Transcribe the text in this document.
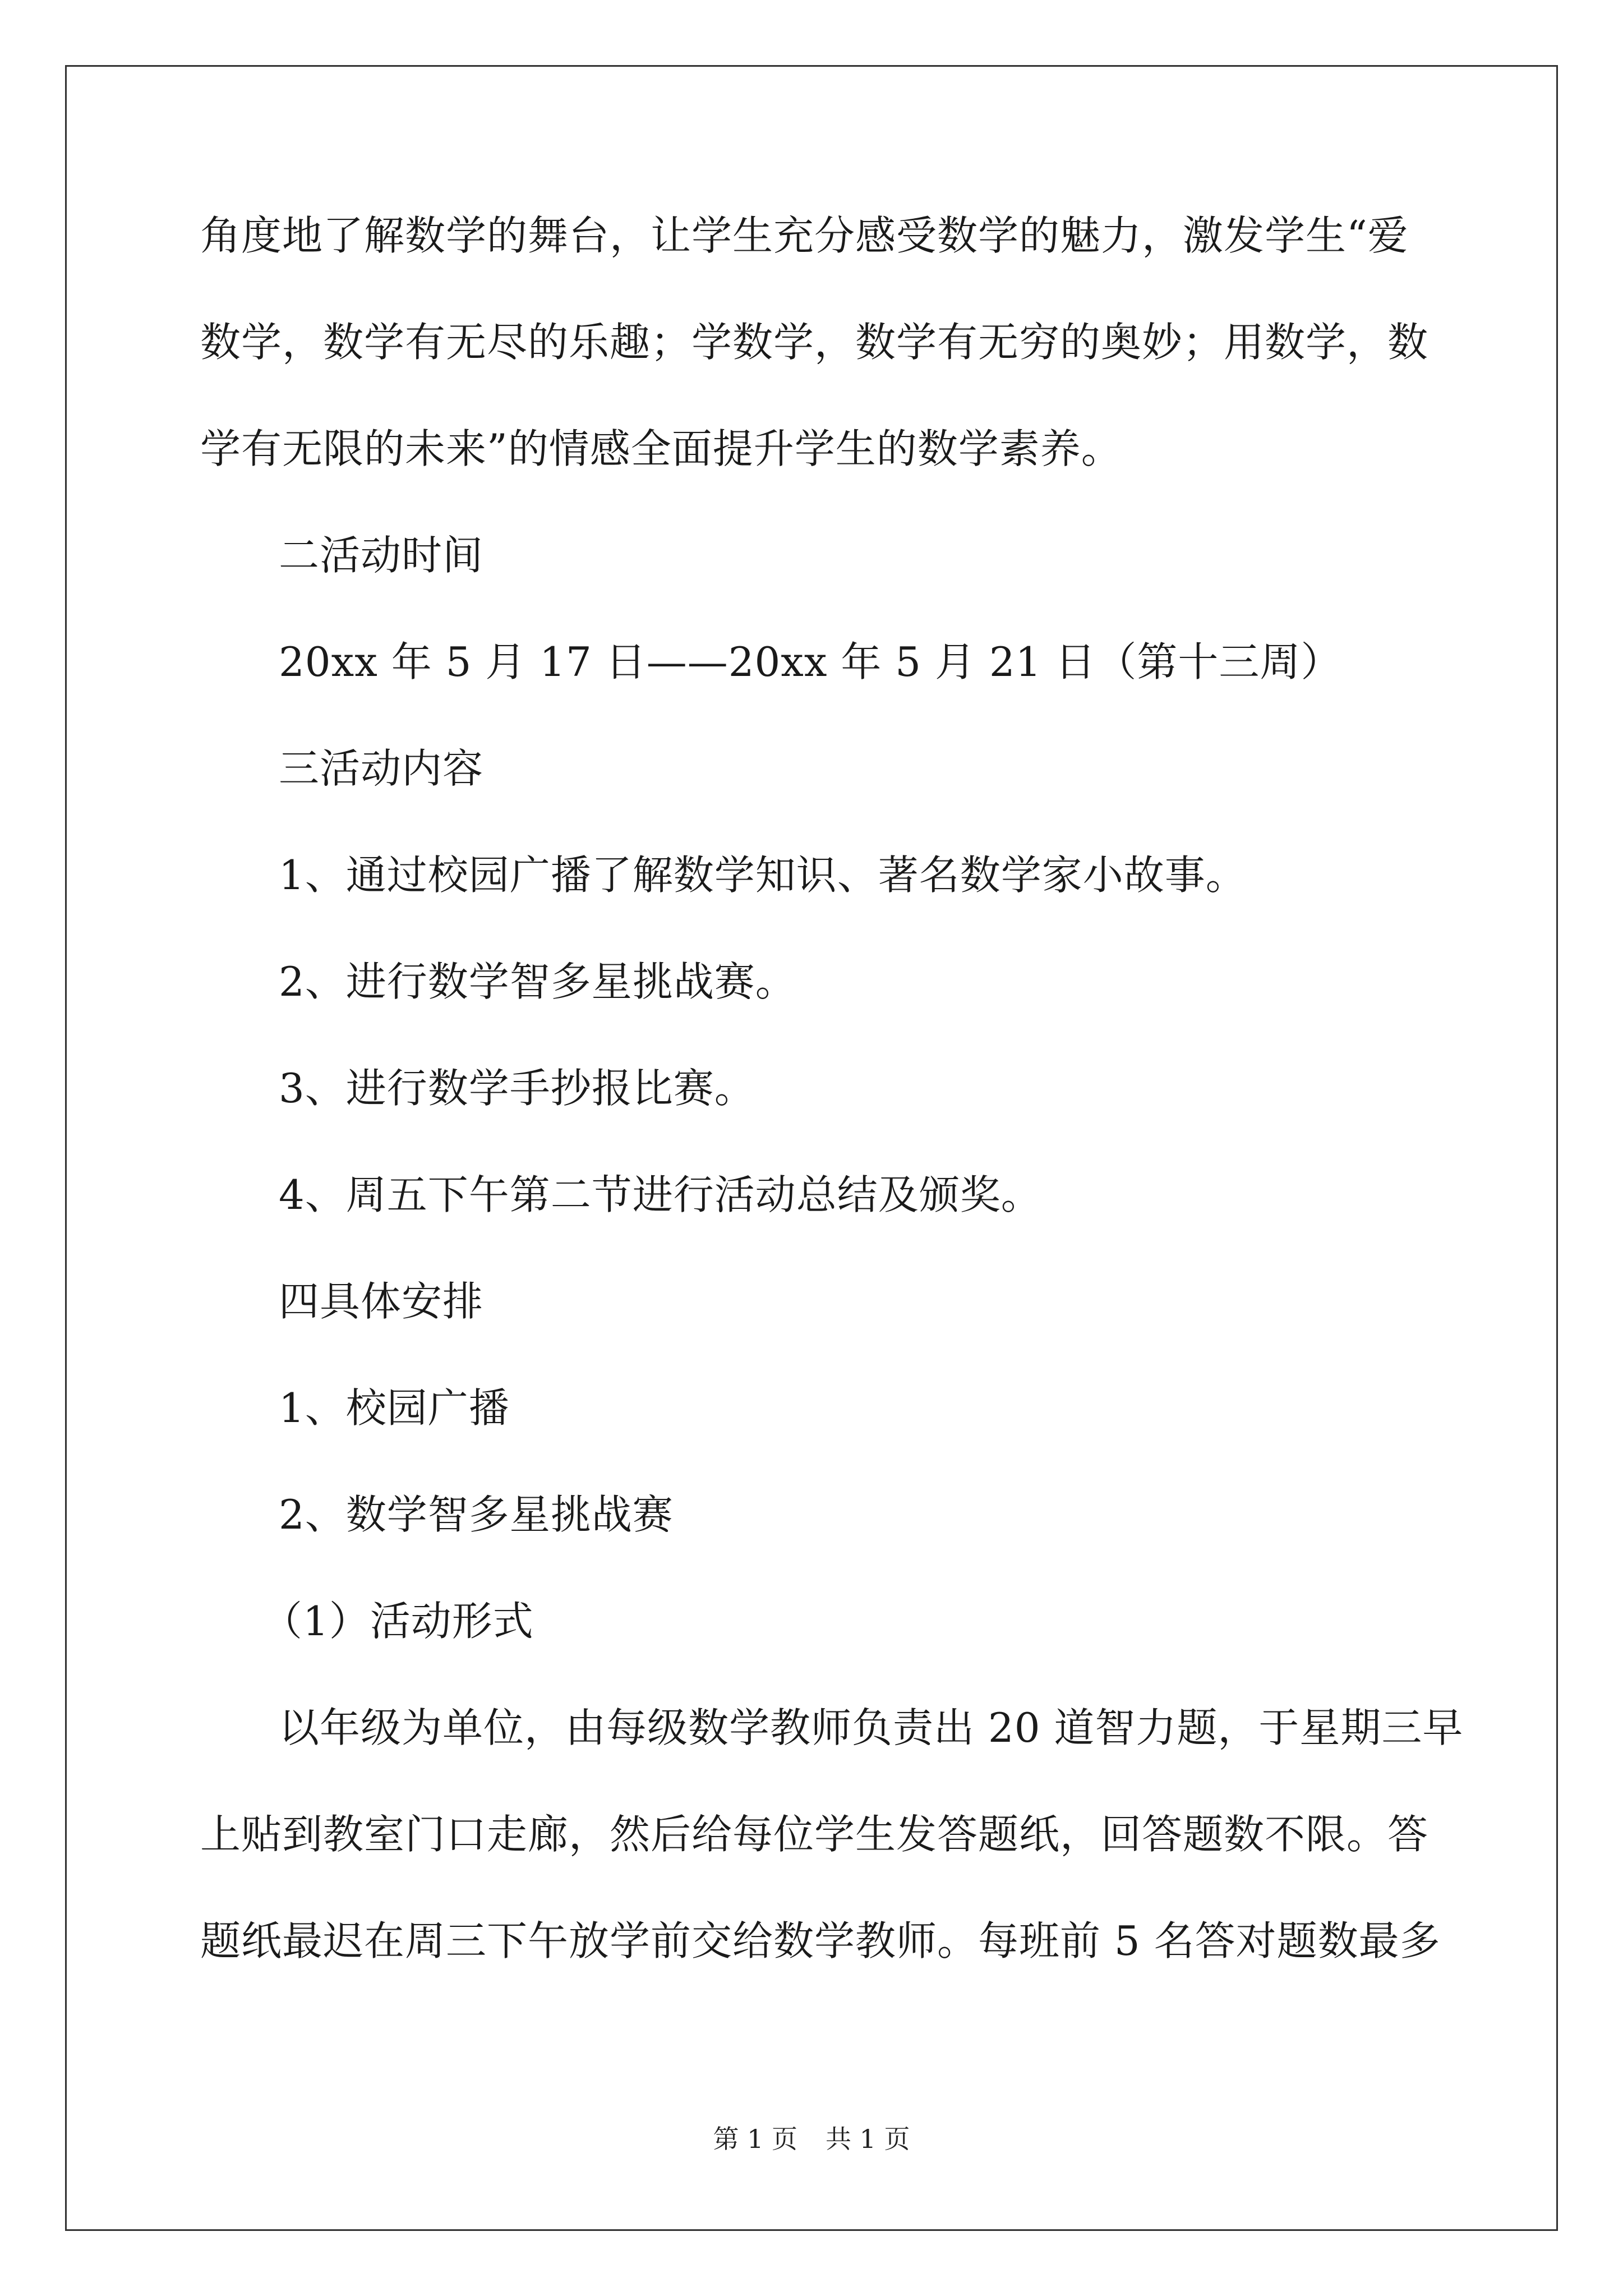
角度地了解数学的舞台，让学生充分感受数学的魅力，激发学生“爱
数学，数学有无尽的乐趣；学数学，数学有无穷的奥妙；用数学，数
学有无限的未来”的情感全面提升学生的数学素养。
二活动时间
20xx 年 5 月 17 日——20xx 年 5 月 21 日（第十三周）
三活动内容
1、通过校园广播了解数学知识、著名数学家小故事。
2、进行数学智多星挑战赛。
3、进行数学手抄报比赛。
4、周五下午第二节进行活动总结及颁奖。
四具体安排
1、校园广播
2、数学智多星挑战赛
（1）活动形式
以年级为单位，由每级数学教师负责出 20 道智力题，于星期三早
上贴到教室门口走廊，然后给每位学生发答题纸，回答题数不限。答
题纸最迟在周三下午放学前交给数学教师。每班前 5 名答对题数最多
第 1 页 共 1 页
